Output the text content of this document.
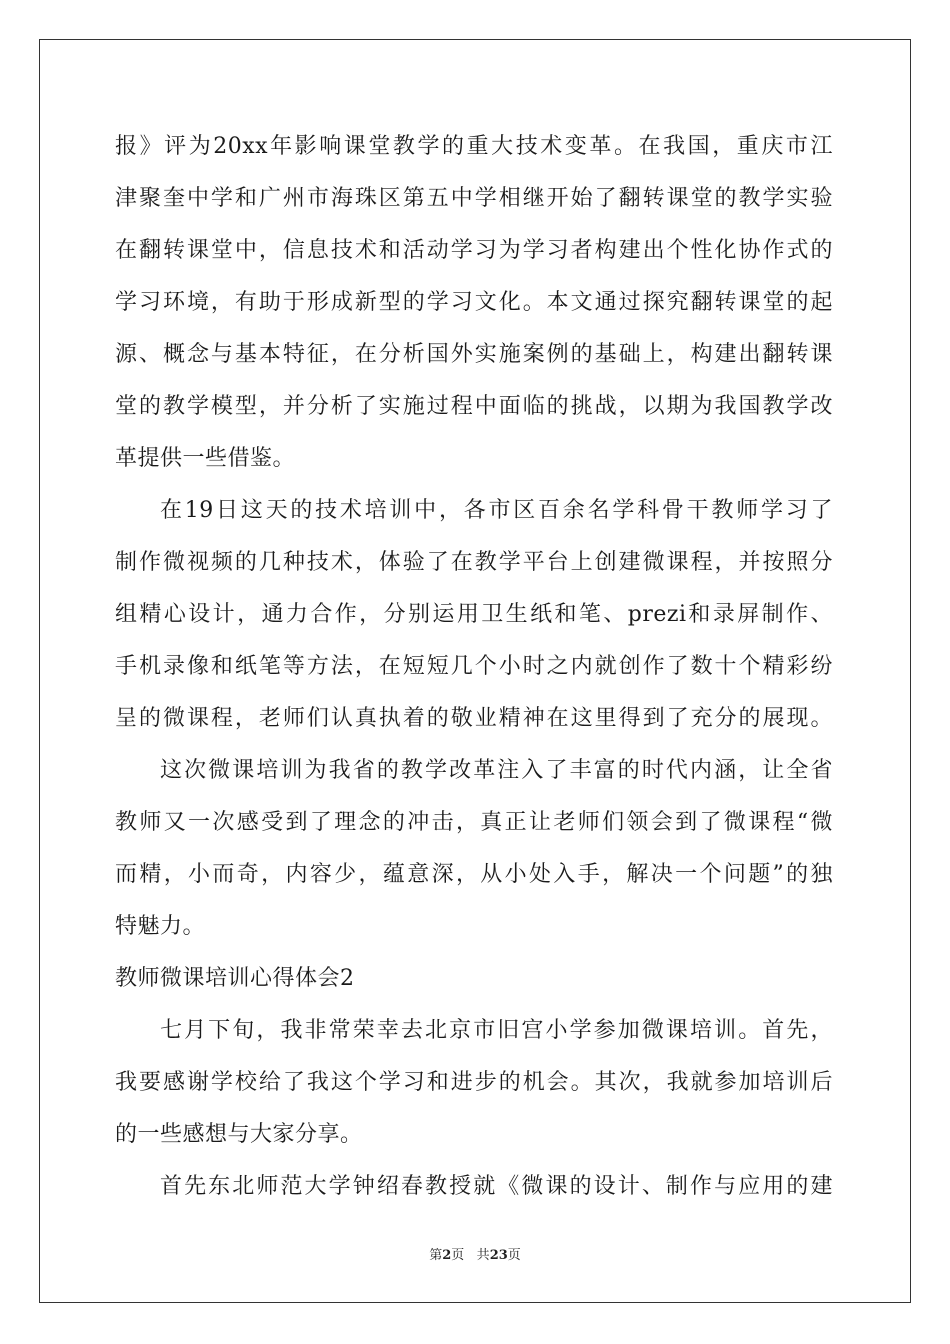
报》评为20xx年影响课堂教学的重大技术变革。在我国，重庆市江
津聚奎中学和广州市海珠区第五中学相继开始了翻转课堂的教学实验
在翻转课堂中，信息技术和活动学习为学习者构建出个性化协作式的
学习环境，有助于形成新型的学习文化。本文通过探究翻转课堂的起
源、概念与基本特征，在分析国外实施案例的基础上，构建出翻转课
堂的教学模型，并分析了实施过程中面临的挑战，以期为我国教学改
革提供一些借鉴。
在19日这天的技术培训中，各市区百余名学科骨干教师学习了
制作微视频的几种技术，体验了在教学平台上创建微课程，并按照分
组精心设计，通力合作，分别运用卫生纸和笔、prezi和录屏制作、
手机录像和纸笔等方法，在短短几个小时之内就创作了数十个精彩纷
呈的微课程，老师们认真执着的敬业精神在这里得到了充分的展现。
这次微课培训为我省的教学改革注入了丰富的时代内涵，让全省
教师又一次感受到了理念的冲击，真正让老师们领会到了微课程“微
而精，小而奇，内容少，蕴意深，从小处入手，解决一个问题”的独
特魅力。
教师微课培训心得体会2
七月下旬，我非常荣幸去北京市旧宫小学参加微课培训。首先，
我要感谢学校给了我这个学习和进步的机会。其次，我就参加培训后
的一些感想与大家分享。
首先东北师范大学钟绍春教授就《微课的设计、制作与应用的建
第2页 共23页
